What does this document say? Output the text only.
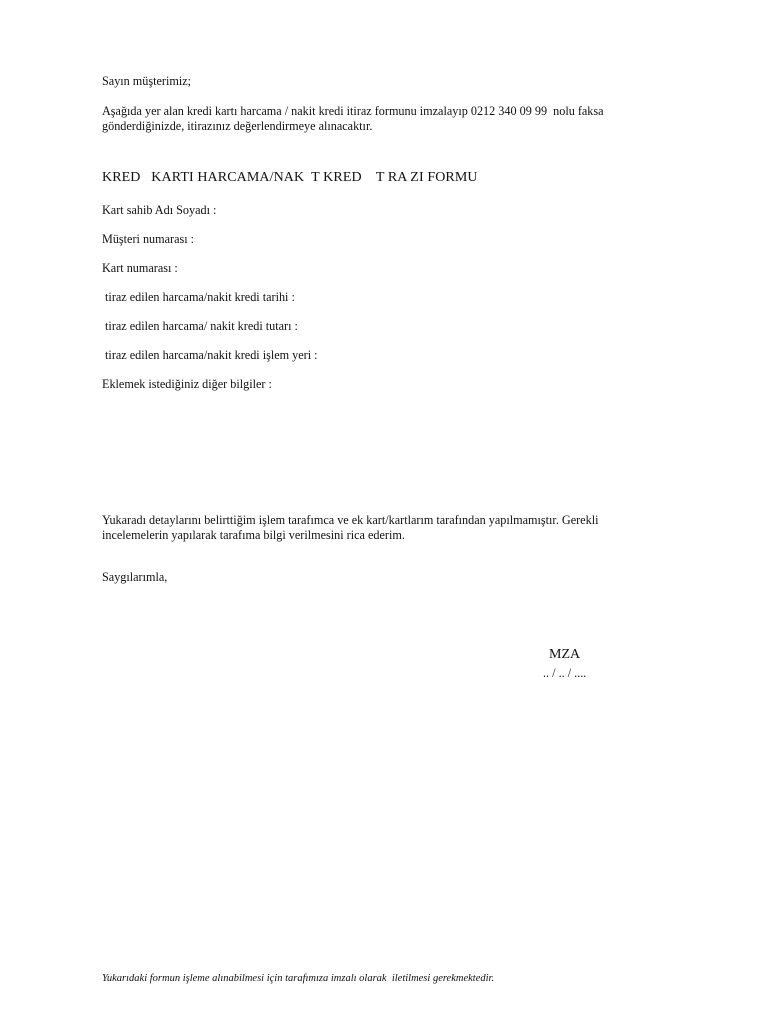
Sayın müşterimiz;
Aşağıda yer alan kredi kartı harcama / nakit kredi itiraz formunu imzalayıp 0212 340 09 99  nolu faksa gönderdiğinizde, itirazınız değerlendirmeye alınacaktır.
KRED   KARTI HARCAMA/NAK  T KRED    T RA ZI FORMU
Kart sahib Adı Soyadı :
Müşteri numarası :
Kart numarası :
tiraz edilen harcama/nakit kredi tarihi :
tiraz edilen harcama/ nakit kredi tutarı :
tiraz edilen harcama/nakit kredi işlem yeri :
Eklemek istediğiniz diğer bilgiler :
Yukaradı detaylarını belirttiğim işlem tarafımca ve ek kart/kartlarım tarafından yapılmamıştır. Gerekli incelemelerin yapılarak tarafıma bilgi verilmesini rica ederim.
Saygılarımla,
MZA
.. / .. / ....
Yukarıdaki formun işleme alınabilmesi için tarafımıza imzalı olarak  iletilmesi gerekmektedir.
